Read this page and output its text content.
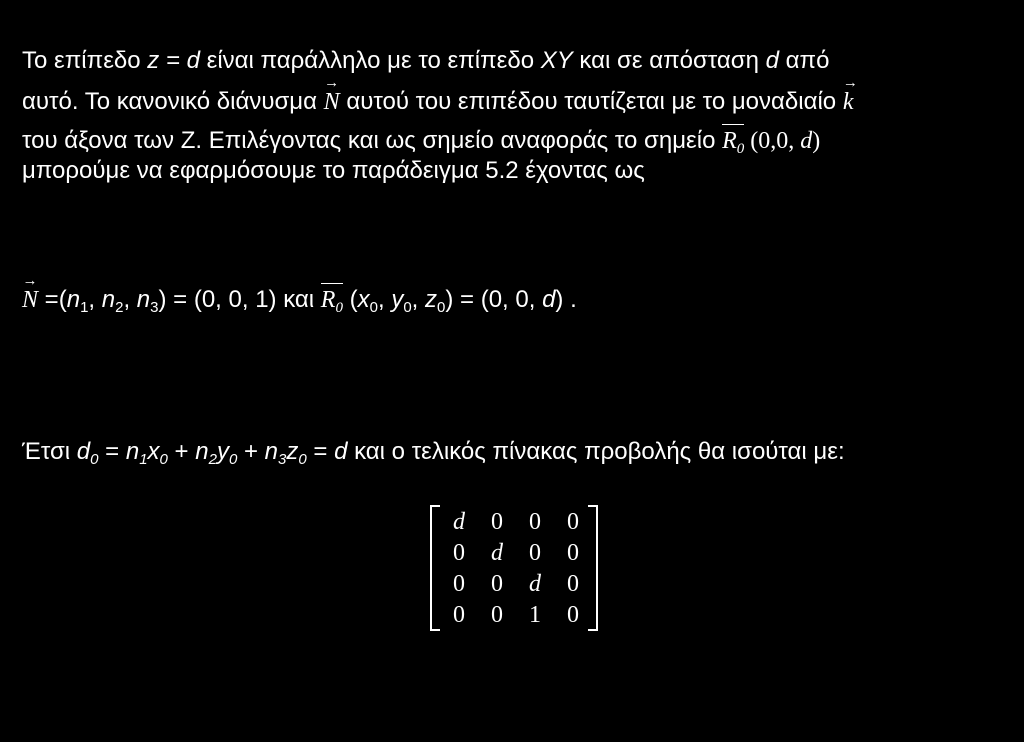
Το επίπεδο z = d είναι παράλληλο με το επίπεδο XY και σε απόσταση d από
αυτό. Το κανονικό διάνυσμα
→
N αυτού του επιπέδου ταυτίζεται με το μοναδιαίο
→
k
του άξονα των Z. Επιλέγοντας και ως σημείο αναφοράς το σημείο $R_0$ (0,0, d)
μπορούμε να εφαρμόσουμε το παράδειγμα 5.2 έχοντας ως
→
$N =(n_1$, $n_2$, $n_3) = (0$, 0, 1) και $R_0$ ($x_0$, $y_0$, $z_0) = (0$, 0, d) .
Έτσι $d_0 = n_1x_0 + n_2y_0 + n_3z_0 = d$ και ο τελικός πίνακας προβολής θα ισούται με:
d	0	0	0
0	d	0	0
0	0	d	0
0	0	1	0
